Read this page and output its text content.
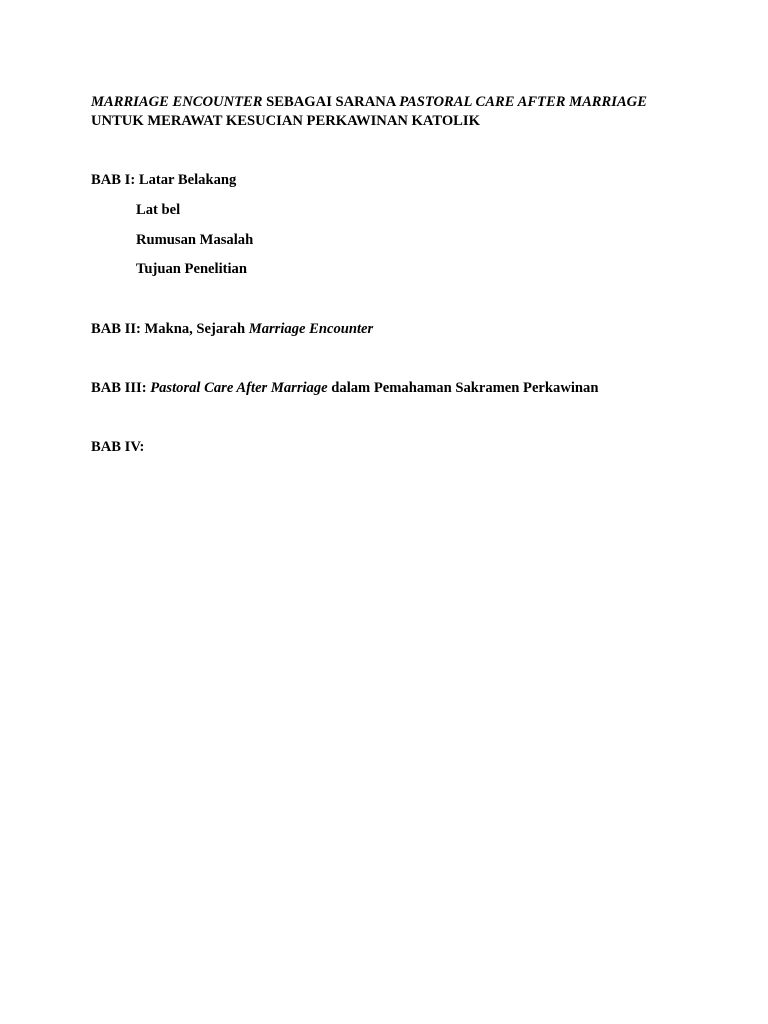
MARRIAGE ENCOUNTER SEBAGAI SARANA PASTORAL CARE AFTER MARRIAGE
UNTUK MERAWAT KESUCIAN PERKAWINAN KATOLIK
BAB I: Latar Belakang
Lat bel
Rumusan Masalah
Tujuan Penelitian
BAB II: Makna, Sejarah Marriage Encounter
BAB III: Pastoral Care After Marriage dalam Pemahaman Sakramen Perkawinan
BAB IV:
